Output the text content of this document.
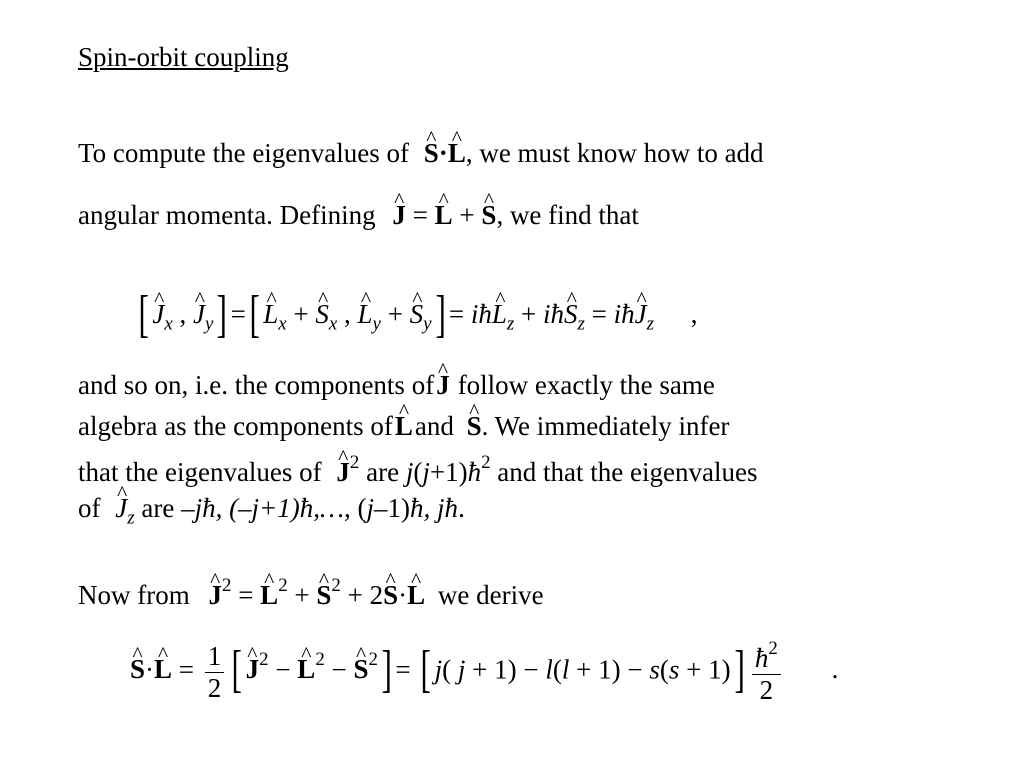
Spin-orbit coupling
To compute the eigenvalues of ^ S·^ L, we must know how to add
angular momenta. Defining ^ J = ^ L + ^ S, we find that
[ ^ $J_x$ , ^ $J_y$] =[ ^ $L_x$ + ^ $S_x$ , ^ $L_y$ + ^ $S_y$] = iħ^ $L_z$ + iħ^ $S_z$ = iħ^ $J_z$ ,
and so on, i.e. the components of^ J follow exactly the same
algebra as the components of^ Land ^ S. We immediately infer
that the eigenvalues of ^ $J^2$ are $j(j+1)ħ^2$ and that the eigenvalues
of ^ $J_z$ are –jħ, (–j+1)ħ,…, (j–1)ħ, jħ.
Now from ^ $J^2$ = ^ $L^2$ + ^ $S^2$ + 2^ S·^ L we derive
^ S·^ $L = \frac{1}{2}$ [ ^ $J^2$ − ^ $L^2$ − ^ $S^2$] = [ j( $j + 1) - l(l + 1) - s(s + 1)] \frac{ħ^2}{2}$ .
